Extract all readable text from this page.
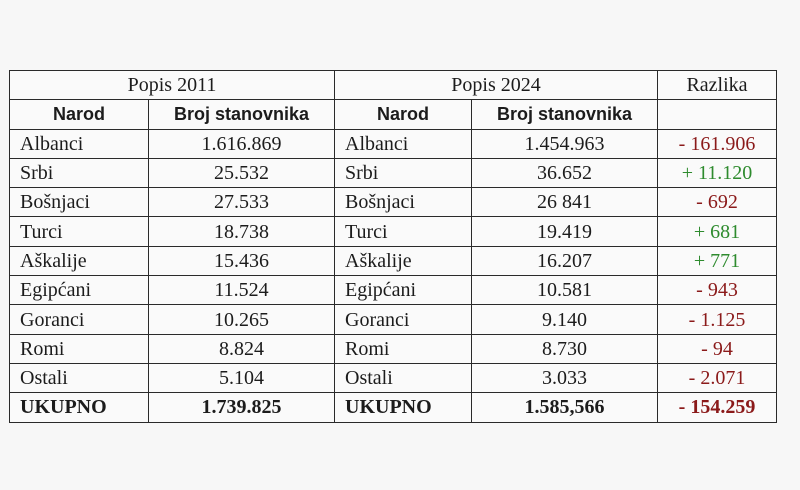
Popis 2011		Popis 2024		Razlika
Narod	Broj stanovnika	Narod	Broj stanovnika	
Albanci	1.616.869	Albanci	1.454.963	- 161.906
Srbi	25.532	Srbi	36.652	+ 11.120
Bošnjaci	27.533	Bošnjaci	26 841	- 692
Turci	18.738	Turci	19.419	+ 681
Aškalije	15.436	Aškalije	16.207	+ 771
Egipćani	11.524	Egipćani	10.581	- 943
Goranci	10.265	Goranci	9.140	- 1.125
Romi	8.824	Romi	8.730	- 94
Ostali	5.104	Ostali	3.033	- 2.071
UKUPNO	1.739.825	UKUPNO	1.585,566	- 154.259
